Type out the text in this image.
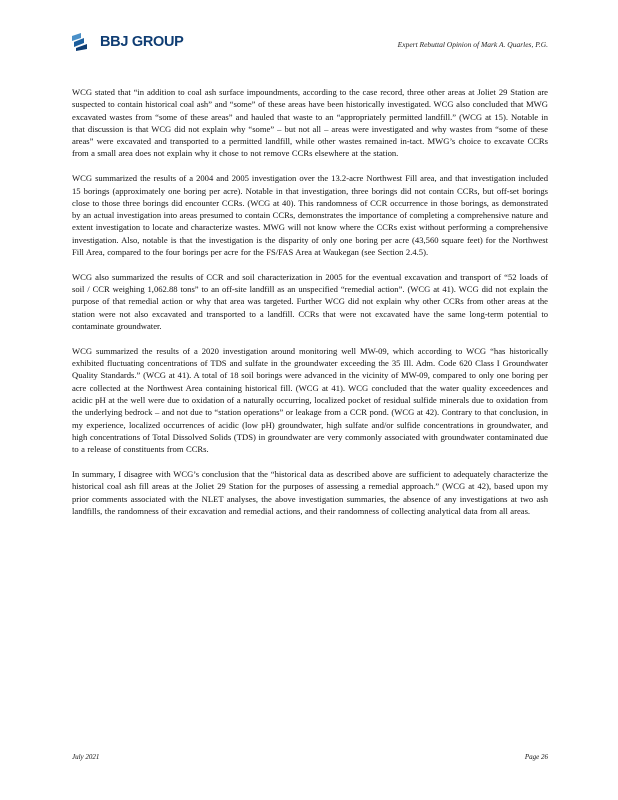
BBJ GROUP	Expert Rebuttal Opinion of Mark A. Quarles, P.G.

WCG stated that “in addition to coal ash surface impoundments, according to the case record, three other areas at Joliet 29 Station are suspected to contain historical coal ash” and “some” of these areas have been historically investigated. WCG also concluded that MWG excavated wastes from “some of these areas” and hauled that waste to an “appropriately permitted landfill.” (WCG at 15). Notable in that discussion is that WCG did not explain why “some” – but not all – areas were investigated and why wastes from “some of these areas” were excavated and transported to a permitted landfill, while other wastes remained in-tact. MWG’s choice to excavate CCRs from a small area does not explain why it chose to not remove CCRs elsewhere at the station.

WCG summarized the results of a 2004 and 2005 investigation over the 13.2-acre Northwest Fill area, and that investigation included 15 borings (approximately one boring per acre). Notable in that investigation, three borings did not contain CCRs, but off-set borings close to those three borings did encounter CCRs. (WCG at 40). This randomness of CCR occurrence in those borings, as demonstrated by an actual investigation into areas presumed to contain CCRs, demonstrates the importance of completing a comprehensive nature and extent investigation to locate and characterize wastes. MWG will not know where the CCRs exist without performing a comprehensive investigation. Also, notable is that the investigation is the disparity of only one boring per acre (43,560 square feet) for the Northwest Fill Area, compared to the four borings per acre for the FS/FAS Area at Waukegan (see Section 2.4.5).

WCG also summarized the results of CCR and soil characterization in 2005 for the eventual excavation and transport of “52 loads of soil / CCR weighing 1,062.88 tons” to an off-site landfill as an unspecified “remedial action”. (WCG at 41). WCG did not explain the purpose of that remedial action or why that area was targeted. Further WCG did not explain why other CCRs from other areas at the station were not also excavated and transported to a landfill. CCRs that were not excavated have the same long-term potential to contaminate groundwater.

WCG summarized the results of a 2020 investigation around monitoring well MW-09, which according to WCG “has historically exhibited fluctuating concentrations of TDS and sulfate in the groundwater exceeding the 35 Ill. Adm. Code 620 Class I Groundwater Quality Standards.” (WCG at 41). A total of 18 soil borings were advanced in the vicinity of MW-09, compared to only one boring per acre collected at the Northwest Area containing historical fill. (WCG at 41). WCG concluded that the water quality exceedences and acidic pH at the well were due to oxidation of a naturally occurring, localized pocket of residual sulfide minerals due to oxidation from the underlying bedrock – and not due to “station operations” or leakage from a CCR pond. (WCG at 42). Contrary to that conclusion, in my experience, localized occurrences of acidic (low pH) groundwater, high sulfate and/or sulfide concentrations in groundwater, and high concentrations of Total Dissolved Solids (TDS) in groundwater are very commonly associated with groundwater contaminated due to a release of constituents from CCRs.

In summary, I disagree with WCG’s conclusion that the “historical data as described above are sufficient to adequately characterize the historical coal ash fill areas at the Joliet 29 Station for the purposes of assessing a remedial approach.” (WCG at 42), based upon my prior comments associated with the NLET analyses, the above investigation summaries, the absence of any investigations at two ash landfills, the randomness of their excavation and remedial actions, and their randomness of collecting analytical data from all areas.

July 2021	Page 26
